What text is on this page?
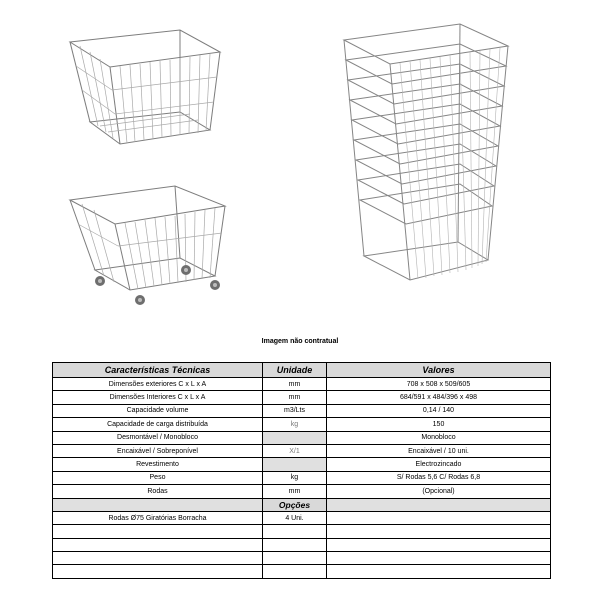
Imagem não contratual
Características Técnicas	Unidade	Valores
Dimensões exteriores C x L x A	mm	708 x 508 x 509/605
Dimensões Interiores C x L x A	mm	684/591 x 484/396 x 498
Capacidade volume	m3/Lts	0,14 / 140
Capacidade de carga distribuída	kg	150
Desmontável / Monobloco		Monobloco
Encaixável / Sobreponível	X/1	Encaixável / 10 uni.
Revestimento		Electrozincado
Peso	kg	S/ Rodas 5,6 C/ Rodas 6,8
Rodas	mm	(Opcional)
	Opções	
Rodas Ø75 Giratórias Borracha	4 Uni.	
